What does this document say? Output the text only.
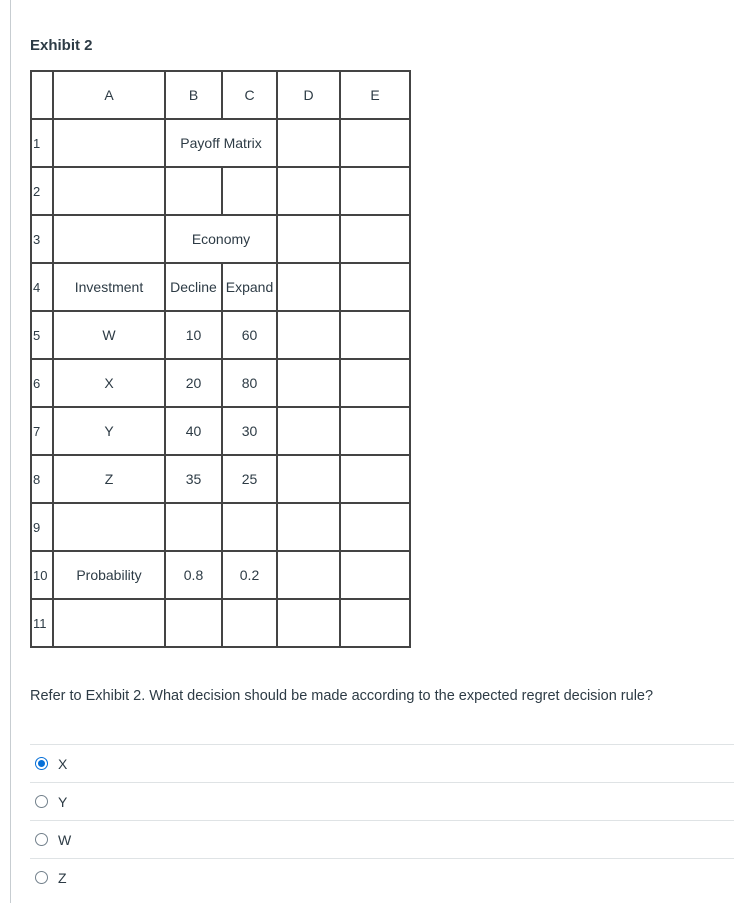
Exhibit 2
	A	B	C	D	E
1		Payoff Matrix			
2					
3		Economy			
4	Investment	Decline	Expand		
5	W	10	60		
6	X	20	80		
7	Y	40	30		
8	Z	35	25		
9					
10	Probability	0.8	0.2		
11					
Refer to Exhibit 2. What decision should be made according to the expected regret decision rule?
X
Y
W
Z
